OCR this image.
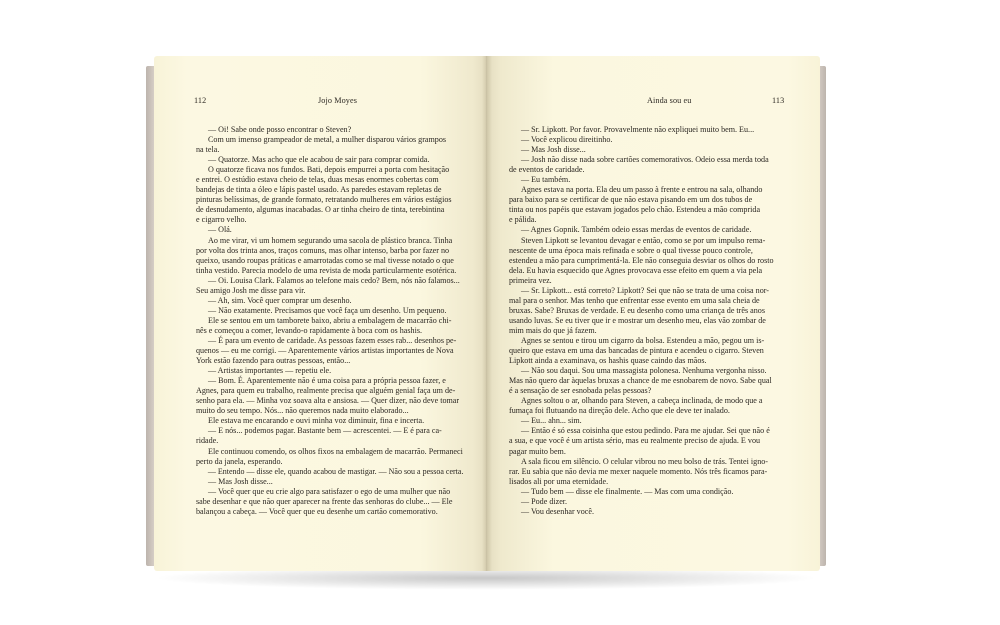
112	Jojo Moyes
— Oi! Sabe onde posso encontrar o Steven?
Com um imenso grampeador de metal, a mulher disparou vários grampos
na tela.
— Quatorze. Mas acho que ele acabou de sair para comprar comida.
O quatorze ficava nos fundos. Bati, depois empurrei a porta com hesitação
e entrei. O estúdio estava cheio de telas, duas mesas enormes cobertas com
bandejas de tinta a óleo e lápis pastel usado. As paredes estavam repletas de
pinturas belíssimas, de grande formato, retratando mulheres em vários estágios
de desnudamento, algumas inacabadas. O ar tinha cheiro de tinta, terebintina
e cigarro velho.
— Olá.
Ao me virar, vi um homem segurando uma sacola de plástico branca. Tinha
por volta dos trinta anos, traços comuns, mas olhar intenso, barba por fazer no
queixo, usando roupas práticas e amarrotadas como se mal tivesse notado o que
tinha vestido. Parecia modelo de uma revista de moda particularmente esotérica.
— Oi. Louisa Clark. Falamos ao telefone mais cedo? Bem, nós não falamos...
Seu amigo Josh me disse para vir.
— Ah, sim. Você quer comprar um desenho.
— Não exatamente. Precisamos que você faça um desenho. Um pequeno.
Ele se sentou em um tamborete baixo, abriu a embalagem de macarrão chi-
nês e começou a comer, levando-o rapidamente à boca com os hashis.
— É para um evento de caridade. As pessoas fazem esses rab... desenhos pe-
quenos — eu me corrigi. — Aparentemente vários artistas importantes de Nova
York estão fazendo para outras pessoas, então...
— Artistas importantes — repetiu ele.
— Bom. É. Aparentemente não é uma coisa para a própria pessoa fazer, e
Agnes, para quem eu trabalho, realmente precisa que alguém genial faça um de-
senho para ela. — Minha voz soava alta e ansiosa. — Quer dizer, não deve tomar
muito do seu tempo. Nós... não queremos nada muito elaborado...
Ele estava me encarando e ouvi minha voz diminuir, fina e incerta.
— E nós... podemos pagar. Bastante bem — acrescentei. — E é para ca-
ridade.
Ele continuou comendo, os olhos fixos na embalagem de macarrão. Permaneci
perto da janela, esperando.
— Entendo — disse ele, quando acabou de mastigar. — Não sou a pessoa certa.
— Mas Josh disse...
— Você quer que eu crie algo para satisfazer o ego de uma mulher que não
sabe desenhar e que não quer aparecer na frente das senhoras do clube... — Ele
balançou a cabeça. — Você quer que eu desenhe um cartão comemorativo.
Ainda sou eu	113
— Sr. Lipkott. Por favor. Provavelmente não expliquei muito bem. Eu...
— Você explicou direitinho.
— Mas Josh disse...
— Josh não disse nada sobre cartões comemorativos. Odeio essa merda toda
de eventos de caridade.
— Eu também.
Agnes estava na porta. Ela deu um passo à frente e entrou na sala, olhando
para baixo para se certificar de que não estava pisando em um dos tubos de
tinta ou nos papéis que estavam jogados pelo chão. Estendeu a mão comprida
e pálida.
— Agnes Gopnik. Também odeio essas merdas de eventos de caridade.
Steven Lipkott se levantou devagar e então, como se por um impulso rema-
nescente de uma época mais refinada e sobre o qual tivesse pouco controle,
estendeu a mão para cumprimentá-la. Ele não conseguia desviar os olhos do rosto
dela. Eu havia esquecido que Agnes provocava esse efeito em quem a via pela
primeira vez.
— Sr. Lipkott... está correto? Lipkott? Sei que não se trata de uma coisa nor-
mal para o senhor. Mas tenho que enfrentar esse evento em uma sala cheia de
bruxas. Sabe? Bruxas de verdade. E eu desenho como uma criança de três anos
usando luvas. Se eu tiver que ir e mostrar um desenho meu, elas vão zombar de
mim mais do que já fazem.
Agnes se sentou e tirou um cigarro da bolsa. Estendeu a mão, pegou um is-
queiro que estava em uma das bancadas de pintura e acendeu o cigarro. Steven
Lipkott ainda a examinava, os hashis quase caindo das mãos.
— Não sou daqui. Sou uma massagista polonesa. Nenhuma vergonha nisso.
Mas não quero dar àquelas bruxas a chance de me esnobarem de novo. Sabe qual
é a sensação de ser esnobada pelas pessoas?
Agnes soltou o ar, olhando para Steven, a cabeça inclinada, de modo que a
fumaça foi flutuando na direção dele. Acho que ele deve ter inalado.
— Eu... ahn... sim.
— Então é só essa coisinha que estou pedindo. Para me ajudar. Sei que não é
a sua, e que você é um artista sério, mas eu realmente preciso de ajuda. E vou
pagar muito bem.
A sala ficou em silêncio. O celular vibrou no meu bolso de trás. Tentei igno-
rar. Eu sabia que não devia me mexer naquele momento. Nós três ficamos para-
lisados ali por uma eternidade.
— Tudo bem — disse ele finalmente. — Mas com uma condição.
— Pode dizer.
— Vou desenhar você.
